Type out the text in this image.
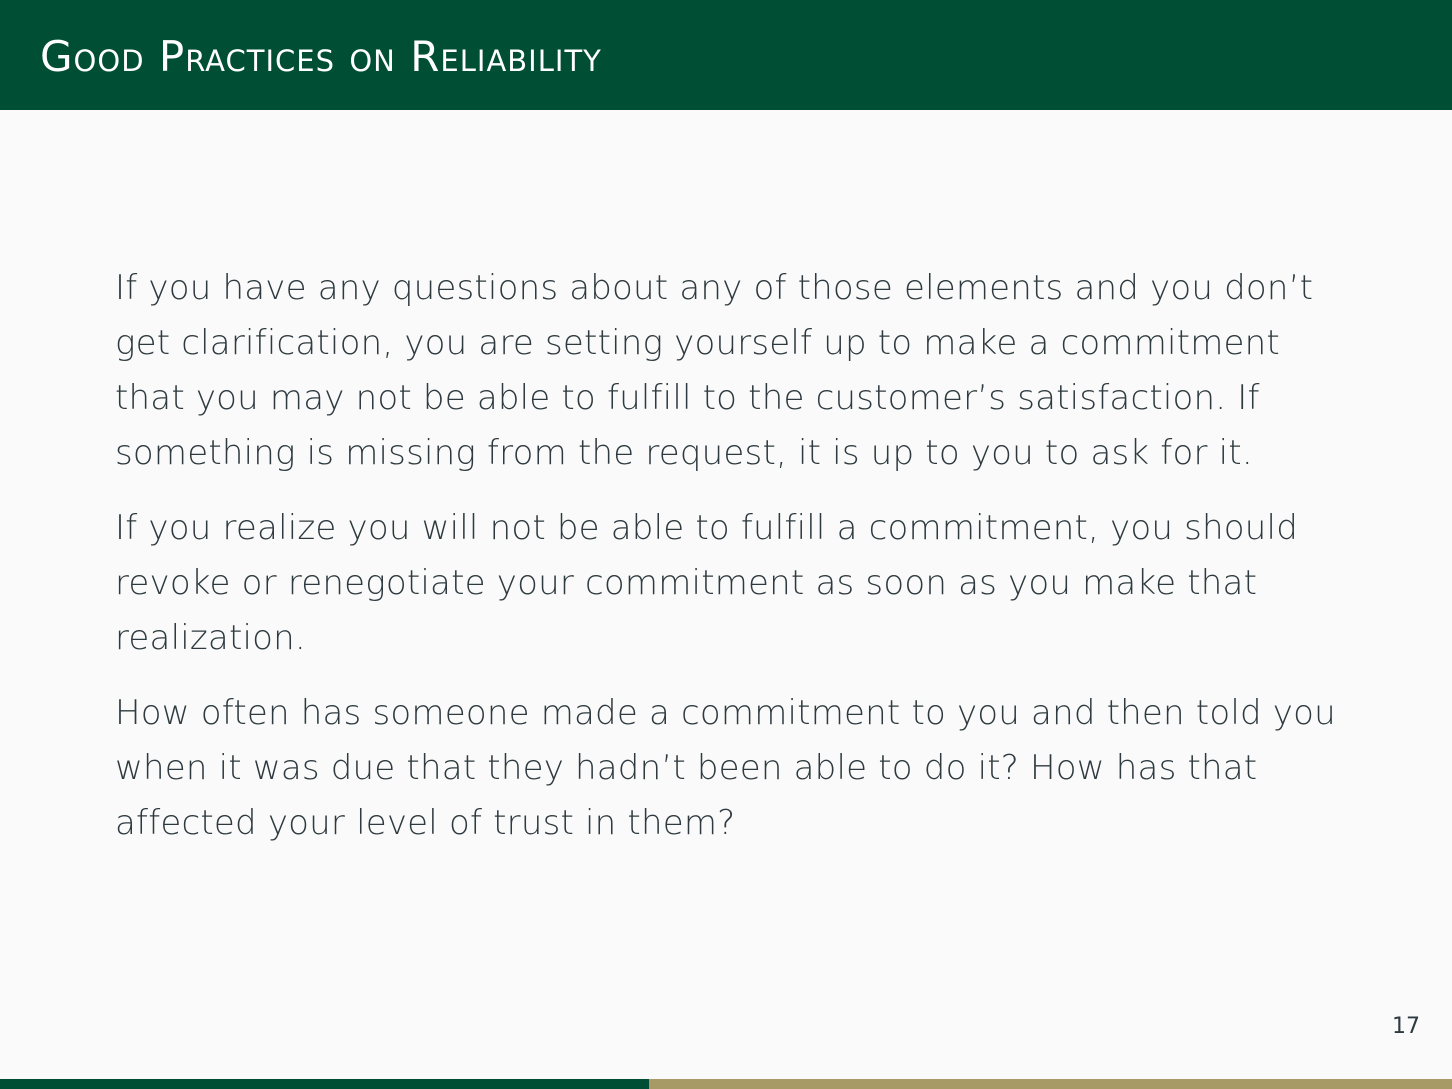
Good Practices on Reliability

If you have any questions about any of those elements and you don’t get clarification, you are setting yourself up to make a commitment that you may not be able to fulfill to the customer’s satisfaction. If something is missing from the request, it is up to you to ask for it.

If you realize you will not be able to fulfill a commitment, you should revoke or renegotiate your commitment as soon as you make that realization.

How often has someone made a commitment to you and then told you when it was due that they hadn’t been able to do it? How has that affected your level of trust in them?

17
